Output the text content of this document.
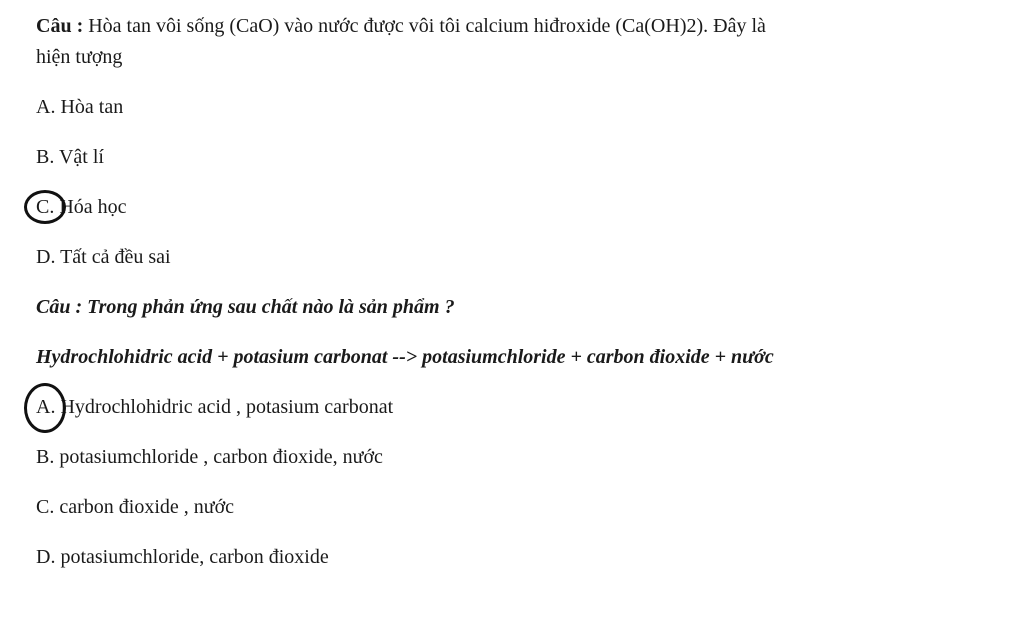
Câu : Hòa tan vôi sống (CaO) vào nước được vôi tôi calcium hiđroxide (Ca(OH)2). Đây là
hiện tượng
A. Hòa tan
B. Vật lí
C. Hóa học
D. Tất cả đều sai
Câu : Trong phản ứng sau chất nào là sản phẩm ?
Hydrochlohidric acid + potasium carbonat --> potasiumchloride + carbon đioxide + nước
A. Hydrochlohidric acid , potasium carbonat
B. potasiumchloride , carbon đioxide, nước
C. carbon đioxide , nước
D. potasiumchloride, carbon đioxide
